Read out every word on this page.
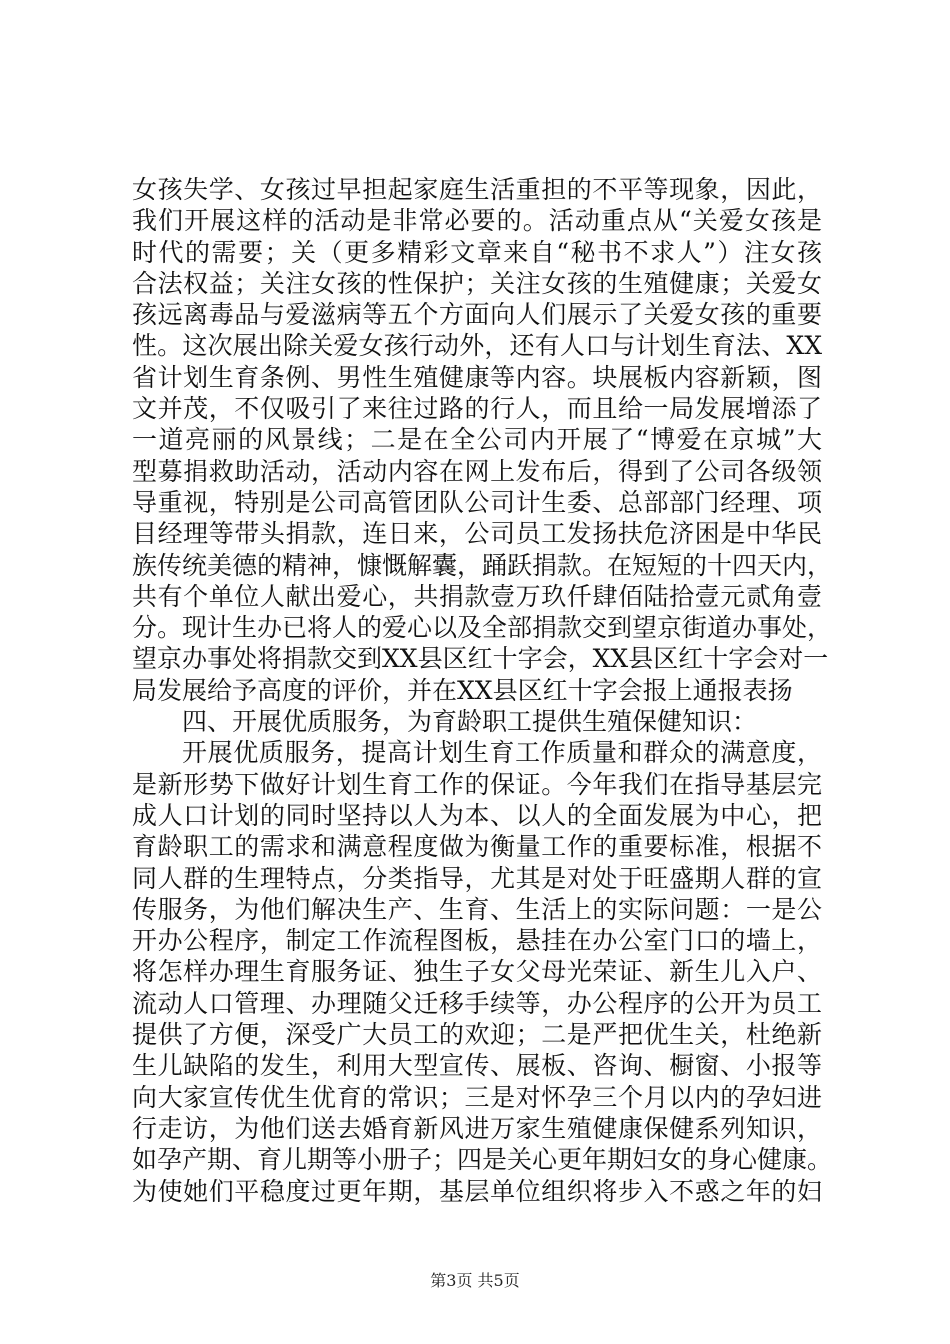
女孩失学、女孩过早担起家庭生活重担的不平等现象，因此，
我们开展这样的活动是非常必要的。活动重点从“关爱女孩是
时代的需要；关（更多精彩文章来自“秘书不求人”）注女孩
合法权益；关注女孩的性保护；关注女孩的生殖健康；关爱女
孩远离毒品与爱滋病等五个方面向人们展示了关爱女孩的重要
性。这次展出除关爱女孩行动外，还有人口与计划生育法、XX
省计划生育条例、男性生殖健康等内容。块展板内容新颖，图
文并茂，不仅吸引了来往过路的行人，而且给一局发展增添了
一道亮丽的风景线；二是在全公司内开展了“博爱在京城”大
型募捐救助活动，活动内容在网上发布后，得到了公司各级领
导重视，特别是公司高管团队公司计生委、总部部门经理、项
目经理等带头捐款，连日来，公司员工发扬扶危济困是中华民
族传统美德的精神，慷慨解囊，踊跃捐款。在短短的十四天内，
共有个单位人献出爱心，共捐款壹万玖仟肆佰陆拾壹元贰角壹
分。现计生办已将人的爱心以及全部捐款交到望京街道办事处，
望京办事处将捐款交到XX县区红十字会，XX县区红十字会对一
局发展给予高度的评价，并在XX县区红十字会报上通报表扬
四、开展优质服务，为育龄职工提供生殖保健知识：
开展优质服务，提高计划生育工作质量和群众的满意度，
是新形势下做好计划生育工作的保证。今年我们在指导基层完
成人口计划的同时坚持以人为本、以人的全面发展为中心，把
育龄职工的需求和满意程度做为衡量工作的重要标准，根据不
同人群的生理特点，分类指导，尤其是对处于旺盛期人群的宣
传服务，为他们解决生产、生育、生活上的实际问题：一是公
开办公程序，制定工作流程图板，悬挂在办公室门口的墙上，
将怎样办理生育服务证、独生子女父母光荣证、新生儿入户、
流动人口管理、办理随父迁移手续等，办公程序的公开为员工
提供了方便，深受广大员工的欢迎；二是严把优生关，杜绝新
生儿缺陷的发生，利用大型宣传、展板、咨询、橱窗、小报等
向大家宣传优生优育的常识；三是对怀孕三个月以内的孕妇进
行走访，为他们送去婚育新风进万家生殖健康保健系列知识，
如孕产期、育儿期等小册子；四是关心更年期妇女的身心健康。
为使她们平稳度过更年期，基层单位组织将步入不惑之年的妇
第3页 共5页
